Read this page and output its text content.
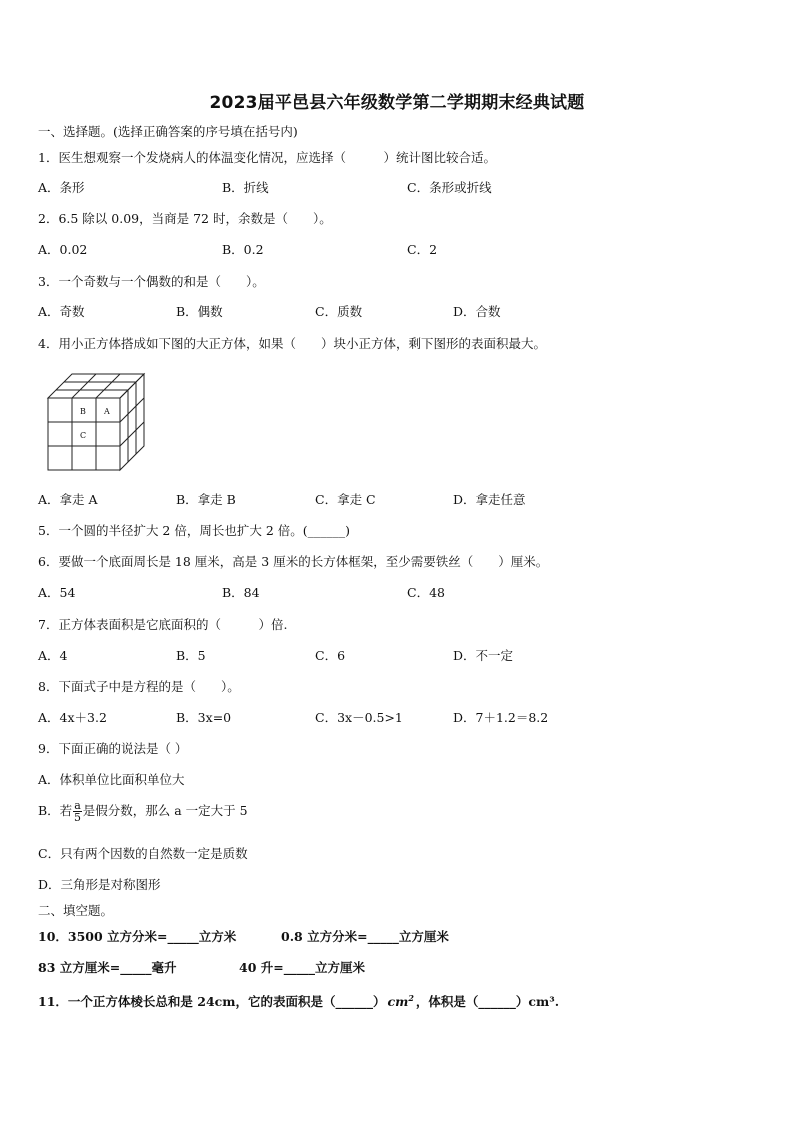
2023届平邑县六年级数学第二学期期末经典试题
一、选择题。(选择正确答案的序号填在括号内)
1．医生想观察一个发烧病人的体温变化情况，应选择（　　　）统计图比较合适。
A．条形	B．折线	C．条形或折线
2．6.5 除以 0.09，当商是 72 时，余数是（　　）。
A．0.02	B．0.2	C．2
3．一个奇数与一个偶数的和是（　　）。
A．奇数	B．偶数	C．质数	D．合数
4．用小正方体搭成如下图的大正方体，如果（　　）块小正方体，剩下图形的表面积最大。
B A
C
A．拿走 A	B．拿走 B	C．拿走 C	D．拿走任意
5．一个圆的半径扩大 2 倍，周长也扩大 2 倍。(______)
6．要做一个底面周长是 18 厘米，高是 3 厘米的长方体框架，至少需要铁丝（　　）厘米。
A．54	B．84	C．48
7．正方体表面积是它底面积的（　　　）倍.
A．4	B．5	C．6	D．不一定
8．下面式子中是方程的是（　　）。
A．4x＋3.2	B．3x=0	C．3x－0.5>1	D．7＋1.2＝8.2
9．下面正确的说法是（ ）
A．体积单位比面积单位大
B．若 $\frac{a}{5}$ 是假分数，那么 a 一定大于 5
C．只有两个因数的自然数一定是质数
D．三角形是对称图形
二、填空题。
10．3500 立方分米=_____立方米	0.8 立方分米=_____立方厘米
83 立方厘米=_____毫升	40 升=_____立方厘米
11．一个正方体棱长总和是 24cm，它的表面积是（______） $cm^2$ ，体积是（______）cm³.
